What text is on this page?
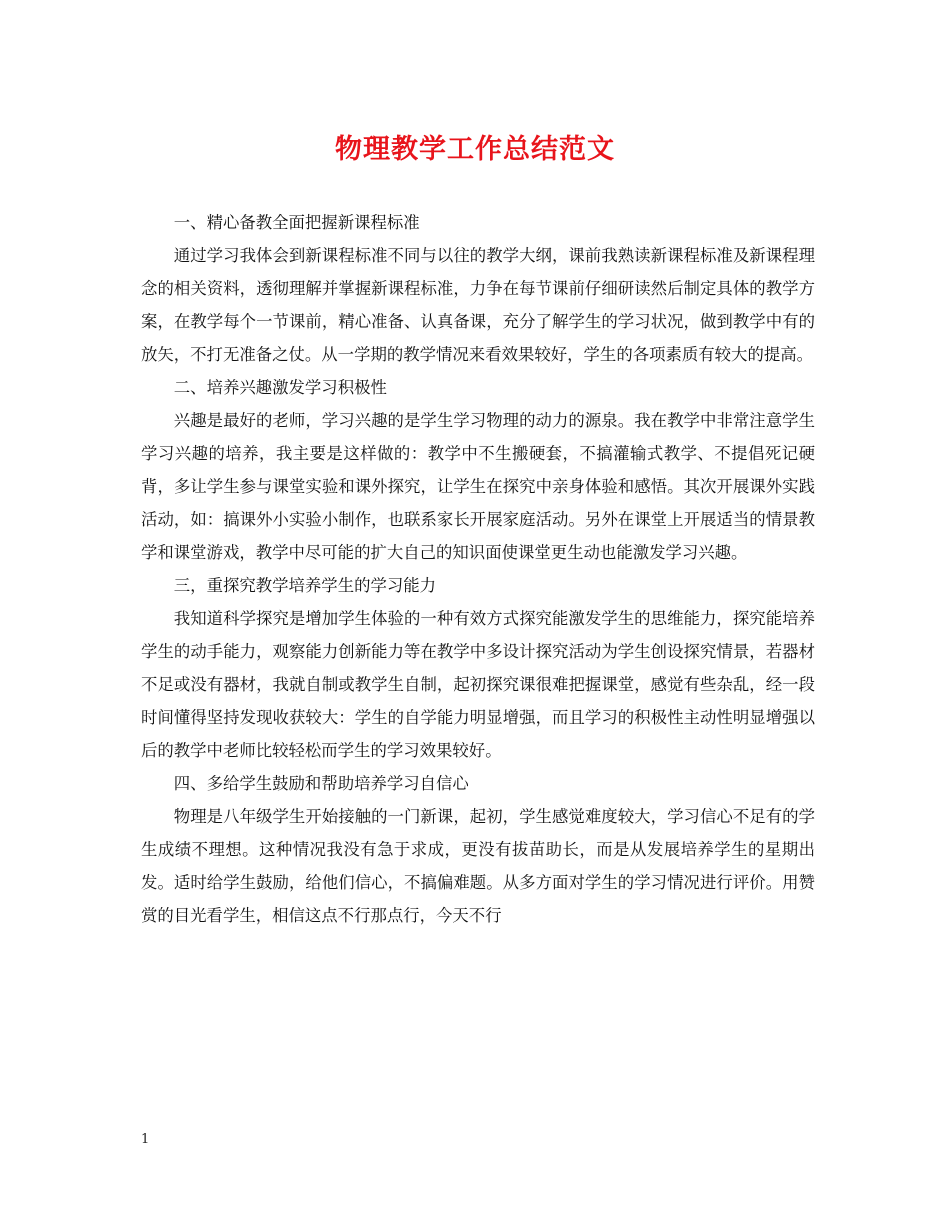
物理教学工作总结范文

一、精心备教全面把握新课程标准

通过学习我体会到新课程标准不同与以往的教学大纲，课前我熟读新课程标准及新课程理念的相关资料，透彻理解并掌握新课程标准，力争在每节课前仔细研读然后制定具体的教学方案，在教学每个一节课前，精心准备、认真备课，充分了解学生的学习状况，做到教学中有的放矢，不打无准备之仗。从一学期的教学情况来看效果较好，学生的各项素质有较大的提高。

二、培养兴趣激发学习积极性

兴趣是最好的老师，学习兴趣的是学生学习物理的动力的源泉。我在教学中非常注意学生学习兴趣的培养，我主要是这样做的：教学中不生搬硬套，不搞灌输式教学、不提倡死记硬背，多让学生参与课堂实验和课外探究，让学生在探究中亲身体验和感悟。其次开展课外实践活动，如：搞课外小实验小制作，也联系家长开展家庭活动。另外在课堂上开展适当的情景教学和课堂游戏，教学中尽可能的扩大自己的知识面使课堂更生动也能激发学习兴趣。

三，重探究教学培养学生的学习能力

我知道科学探究是增加学生体验的一种有效方式探究能激发学生的思维能力，探究能培养学生的动手能力，观察能力创新能力等在教学中多设计探究活动为学生创设探究情景，若器材不足或没有器材，我就自制或教学生自制，起初探究课很难把握课堂，感觉有些杂乱，经一段时间懂得坚持发现收获较大：学生的自学能力明显增强，而且学习的积极性主动性明显增强以后的教学中老师比较轻松而学生的学习效果较好。

四、多给学生鼓励和帮助培养学习自信心

物理是八年级学生开始接触的一门新课，起初，学生感觉难度较大，学习信心不足有的学生成绩不理想。这种情况我没有急于求成，更没有拔苗助长，而是从发展培养学生的星期出发。适时给学生鼓励，给他们信心，不搞偏难题。从多方面对学生的学习情况进行评价。用赞赏的目光看学生，相信这点不行那点行，今天不行

1
